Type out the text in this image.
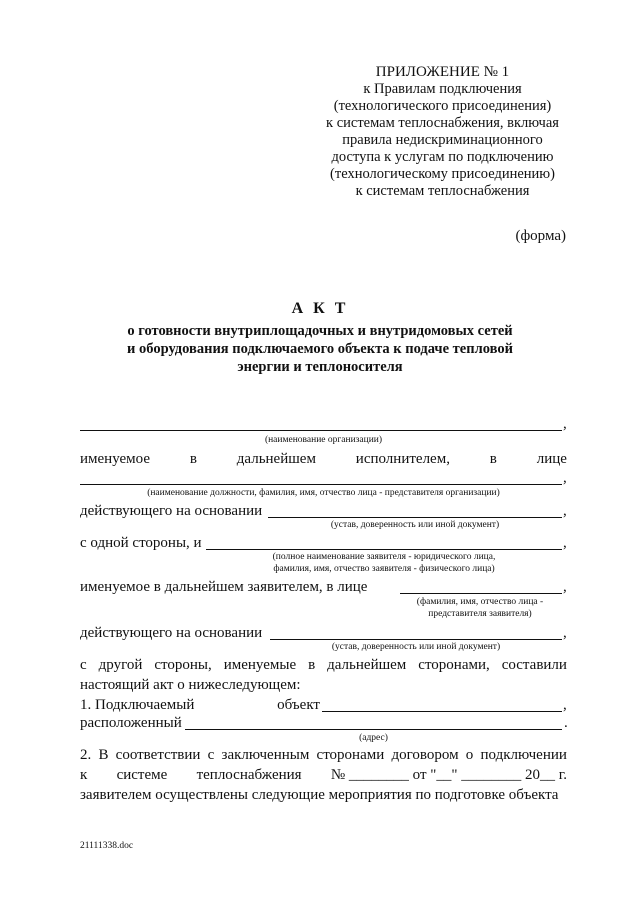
ПРИЛОЖЕНИЕ № 1
к Правилам подключения
(технологического присоединения)
к системам теплоснабжения, включая
правила недискриминационного
доступа к услугам по подключению
(технологическому присоединению)
к системам теплоснабжения
(форма)
А К Т
о готовности внутриплощадочных и внутридомовых сетей
и оборудования подключаемого объекта к подаче тепловой
энергии и теплоносителя
,
(наименование организации)
именуемое	в	дальнейшем	исполнителем,	в	лице
,
(наименование должности, фамилия, имя, отчество лица - представителя организации)
действующего на основании	,
(устав, доверенность или иной документ)
с одной стороны, и	,
(полное наименование заявителя - юридического лица,
фамилия, имя, отчество заявителя - физического лица)
именуемое в дальнейшем заявителем, в лице	,
(фамилия, имя, отчество лица -
представителя заявителя)
действующего на основании	,
(устав, доверенность или иной документ)
с другой стороны, именуемые в дальнейшем сторонами, составили
настоящий акт о нижеследующем:
1. Подключаемый	объект	,
расположенный	.
(адрес)
2. В соответствии с заключенным сторонами договором о подключении
к системе теплоснабжения № ________ от "__" ________ 20__ г.
заявителем осуществлены следующие мероприятия по подготовке объекта
21111338.doc
